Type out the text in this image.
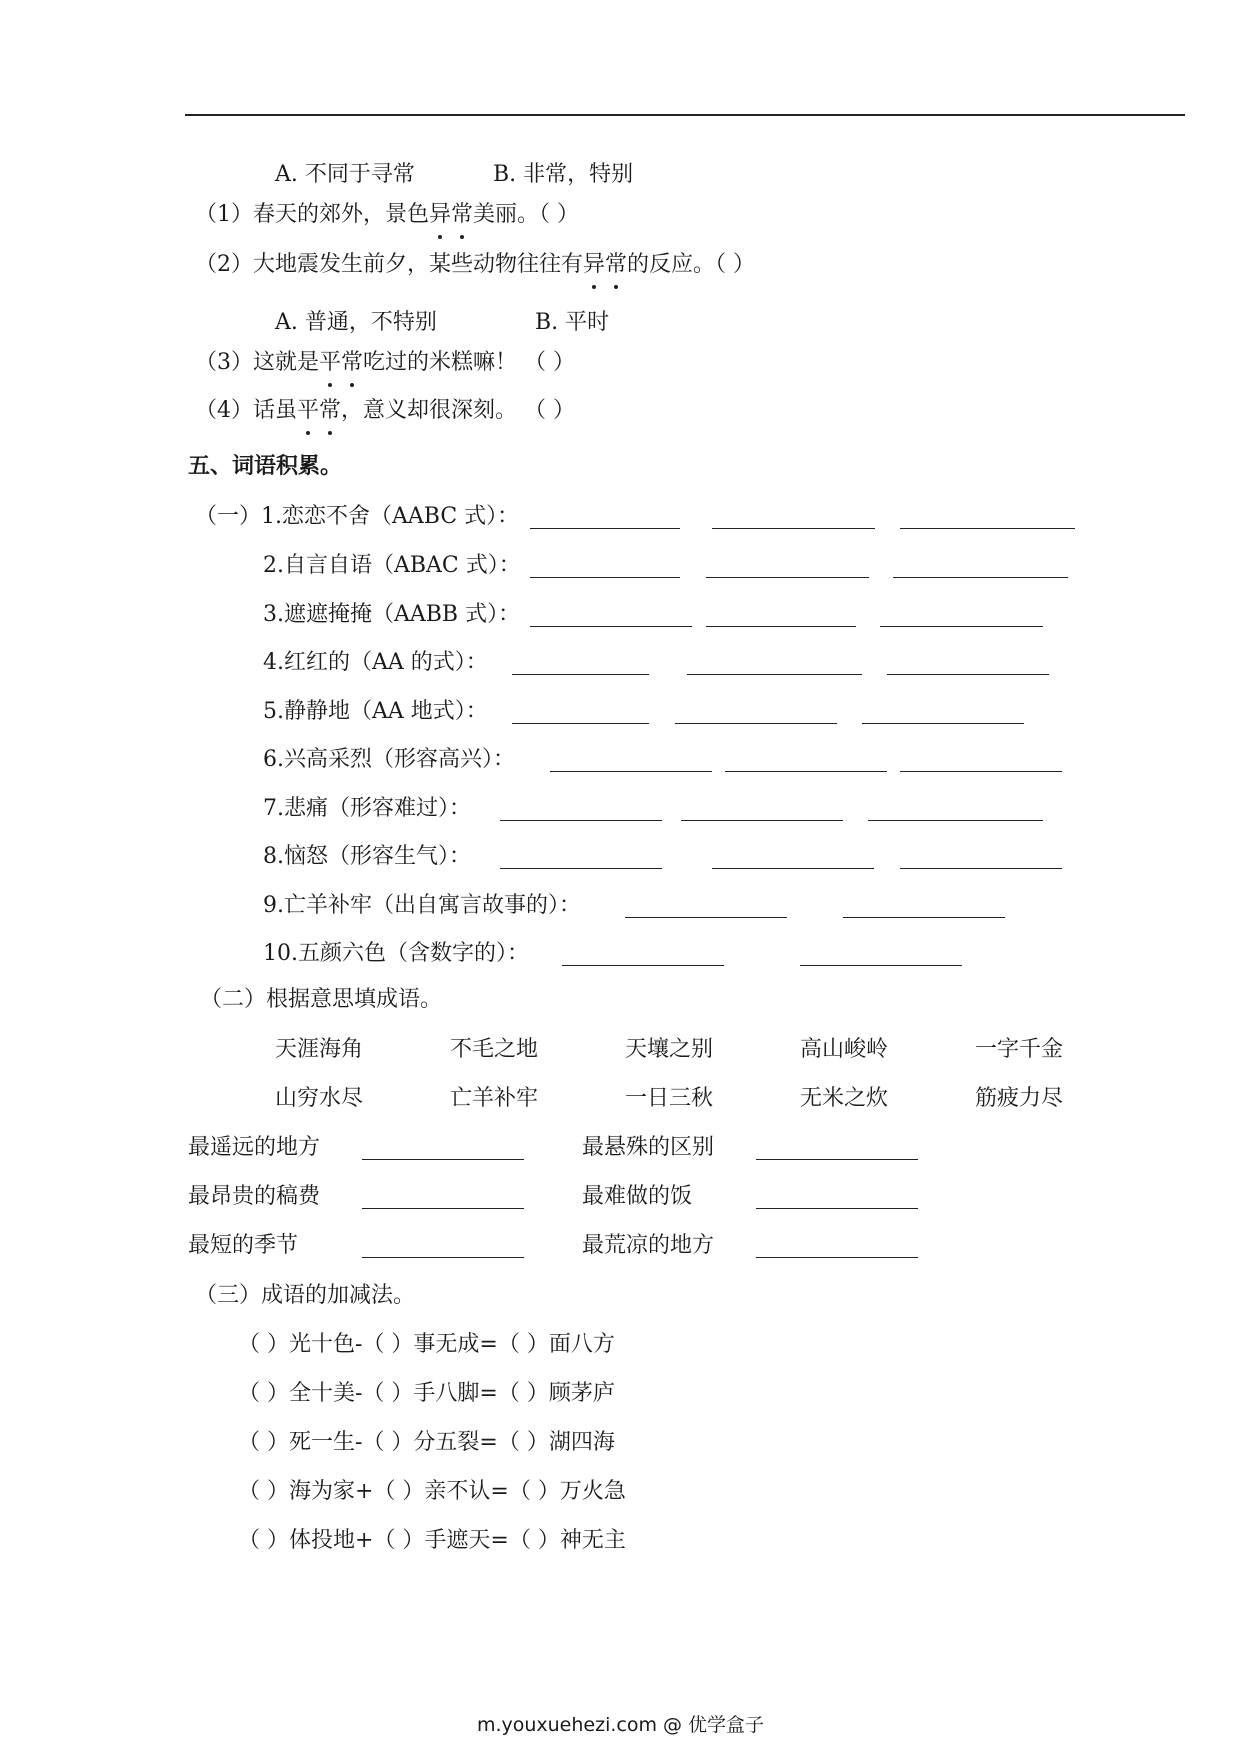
A. 不同于寻常	B. 非常，特别
（1）春天的郊外，景色异常美丽。（ ）
（2）大地震发生前夕，某些动物往往有异常的反应。（ ）
A. 普通，不特别	B. 平时
（3）这就是平常吃过的米糕嘛！ （ ）
（4）话虽平常，意义却很深刻。 （ ）
五、词语积累。
（一）1.恋恋不舍（AABC 式）：
2.自言自语（ABAC 式）：
3.遮遮掩掩（AABB 式）：
4.红红的（AA 的式）：
5.静静地（AA 地式）：
6.兴高采烈（形容高兴）：
7.悲痛（形容难过）：
8.恼怒（形容生气）：
9.亡羊补牢（出自寓言故事的）：
10.五颜六色（含数字的）：
（二）根据意思填成语。
天涯海角	不毛之地	天壤之别	高山峻岭	一字千金
山穷水尽	亡羊补牢	一日三秋	无米之炊	筋疲力尽
最遥远的地方	最悬殊的区别
最昂贵的稿费	最难做的饭
最短的季节	最荒凉的地方
（三）成语的加减法。
（ ）光十色-（ ）事无成=（ ）面八方
（ ）全十美-（ ）手八脚=（ ）顾茅庐
（ ）死一生-（ ）分五裂=（ ）湖四海
（ ）海为家+（ ）亲不认=（ ）万火急
（ ）体投地+（ ）手遮天=（ ）神无主
m.youxuehezi.com @ 优学盒子
